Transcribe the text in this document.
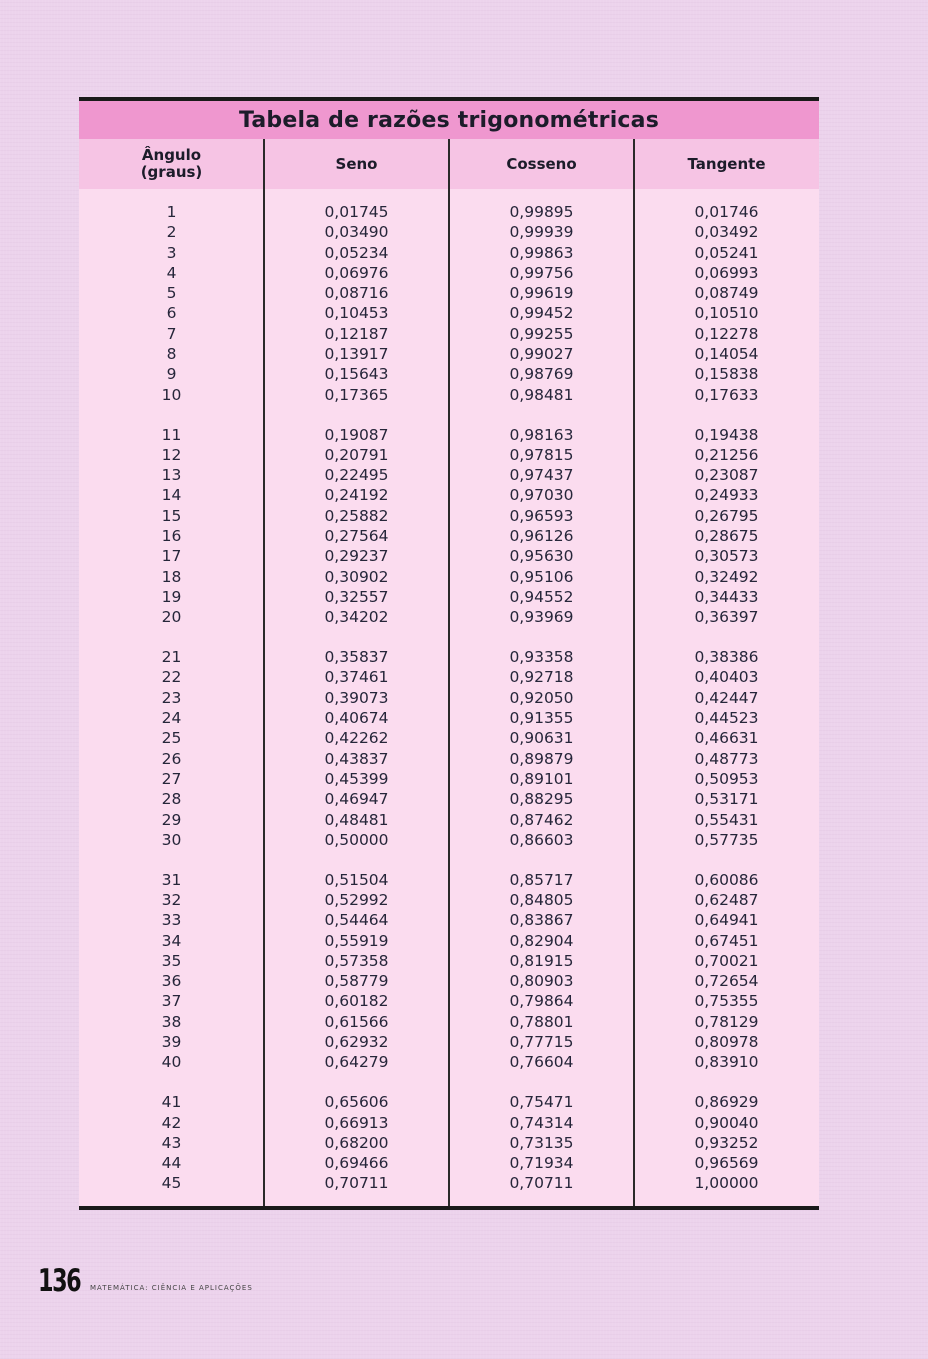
Tabela de razões trigonométricas
Ângulo
(graus)	Seno	Cosseno	Tangente
1	0,01745	0,99895	0,01746
2	0,03490	0,99939	0,03492
3	0,05234	0,99863	0,05241
4	0,06976	0,99756	0,06993
5	0,08716	0,99619	0,08749
6	0,10453	0,99452	0,10510
7	0,12187	0,99255	0,12278
8	0,13917	0,99027	0,14054
9	0,15643	0,98769	0,15838
10	0,17365	0,98481	0,17633
11	0,19087	0,98163	0,19438
12	0,20791	0,97815	0,21256
13	0,22495	0,97437	0,23087
14	0,24192	0,97030	0,24933
15	0,25882	0,96593	0,26795
16	0,27564	0,96126	0,28675
17	0,29237	0,95630	0,30573
18	0,30902	0,95106	0,32492
19	0,32557	0,94552	0,34433
20	0,34202	0,93969	0,36397
21	0,35837	0,93358	0,38386
22	0,37461	0,92718	0,40403
23	0,39073	0,92050	0,42447
24	0,40674	0,91355	0,44523
25	0,42262	0,90631	0,46631
26	0,43837	0,89879	0,48773
27	0,45399	0,89101	0,50953
28	0,46947	0,88295	0,53171
29	0,48481	0,87462	0,55431
30	0,50000	0,86603	0,57735
31	0,51504	0,85717	0,60086
32	0,52992	0,84805	0,62487
33	0,54464	0,83867	0,64941
34	0,55919	0,82904	0,67451
35	0,57358	0,81915	0,70021
36	0,58779	0,80903	0,72654
37	0,60182	0,79864	0,75355
38	0,61566	0,78801	0,78129
39	0,62932	0,77715	0,80978
40	0,64279	0,76604	0,83910
41	0,65606	0,75471	0,86929
42	0,66913	0,74314	0,90040
43	0,68200	0,73135	0,93252
44	0,69466	0,71934	0,96569
45	0,70711	0,70711	1,00000
136 MATEMÁTICA: CIÊNCIA E APLICAÇÕES
